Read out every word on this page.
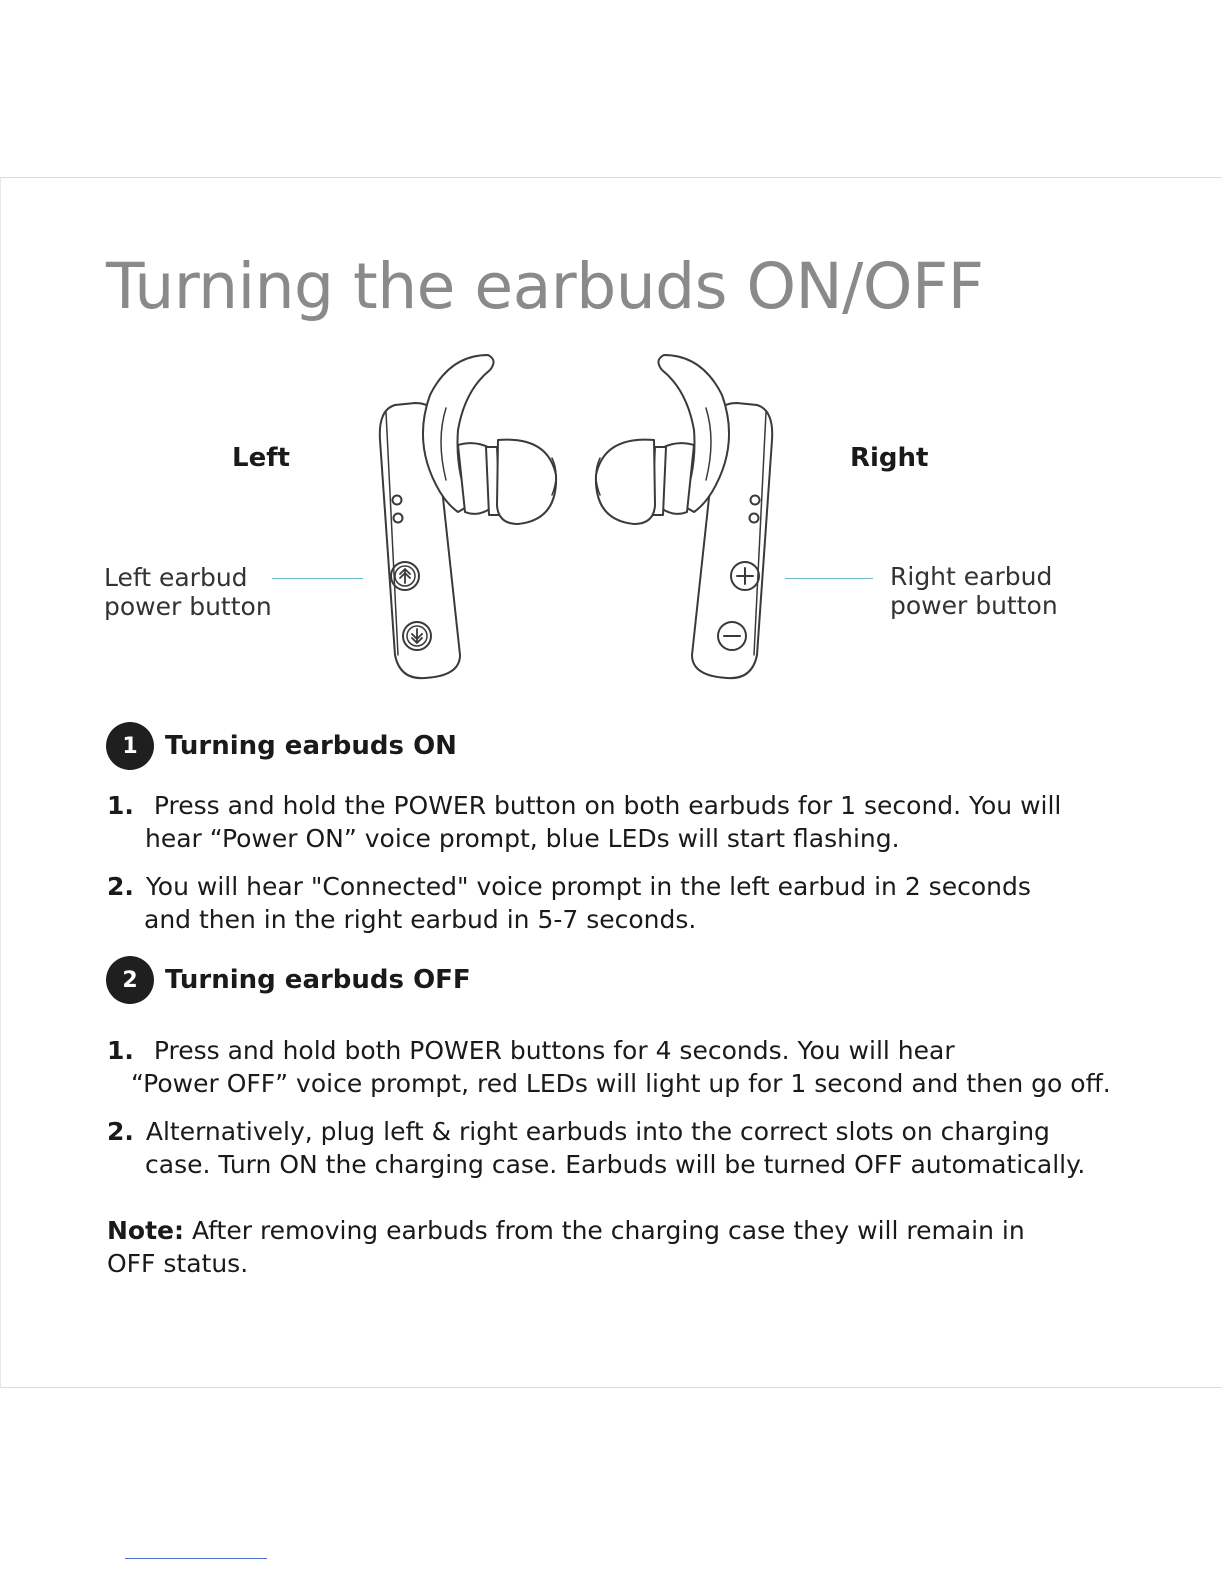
Turning the earbuds ON/OFF
Left	Right
Left earbud
power button
Right earbud
power button
1	Turning earbuds ON
1. Press and hold the POWER button on both earbuds for 1 second. You will
hear “Power ON” voice prompt, blue LEDs will start flashing.
2. You will hear "Connected" voice prompt in the left earbud in 2 seconds
and then in the right earbud in 5-7 seconds.
2	Turning earbuds OFF
1. Press and hold both POWER buttons for 4 seconds. You will hear
“Power OFF” voice prompt, red LEDs will light up for 1 second and then go off.
2. Alternatively, plug left & right earbuds into the correct slots on charging
case. Turn ON the charging case. Earbuds will be turned OFF automatically.
Note: After removing earbuds from the charging case they will remain in
OFF status.
